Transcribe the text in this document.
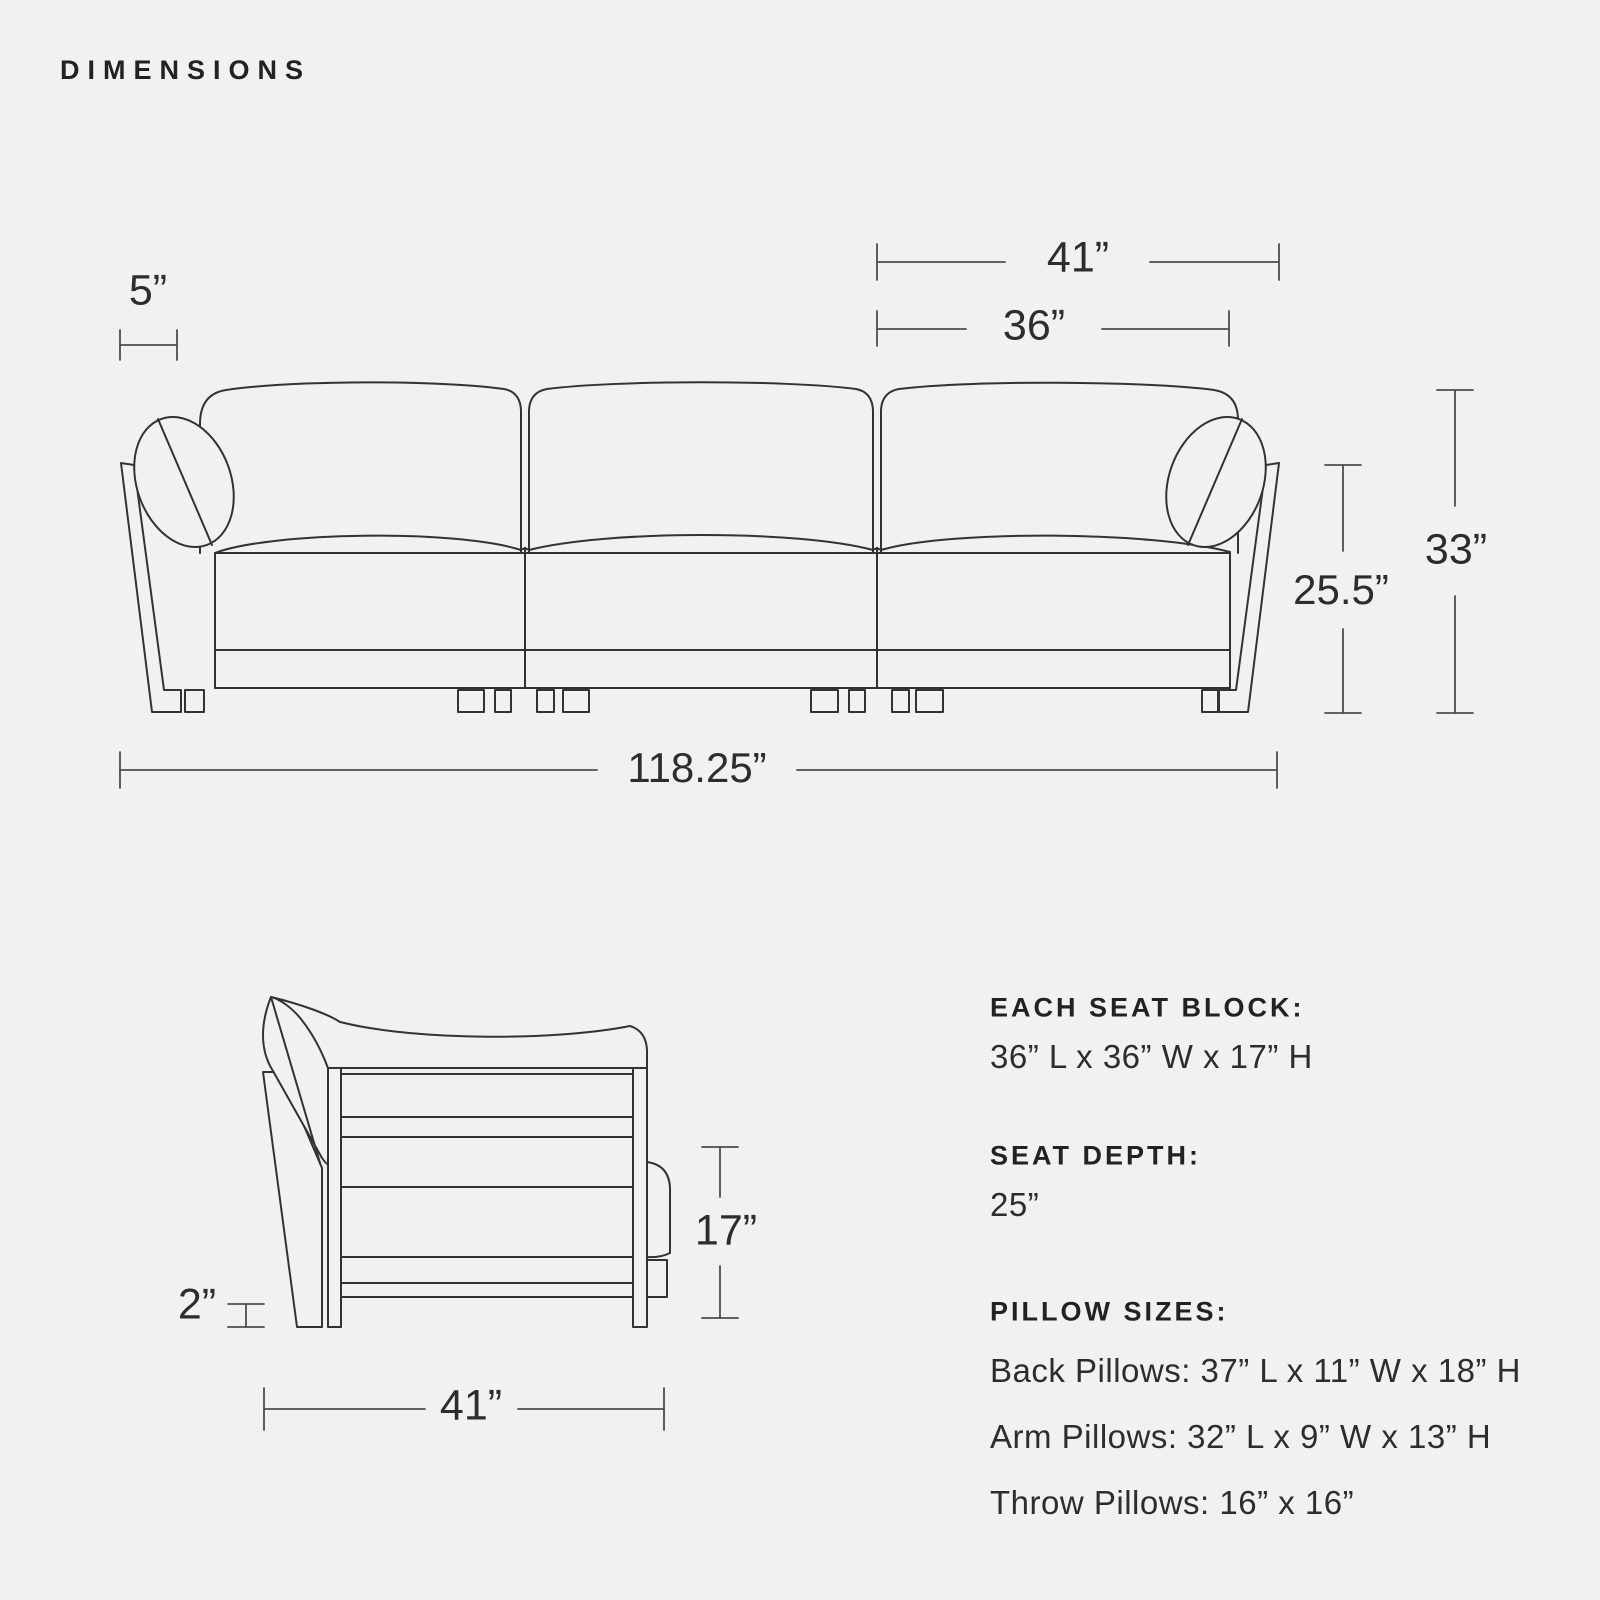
DIMENSIONS
5”
41”
36”
33”
25.5”
118.25”
2”
17”
41”
EACH SEAT BLOCK:
36” L x 36” W x 17” H
SEAT DEPTH:
25”
PILLOW SIZES:
Back Pillows: 37” L x 11” W x 18” H
Arm Pillows: 32” L x 9” W x 13” H
Throw Pillows: 16” x 16”
